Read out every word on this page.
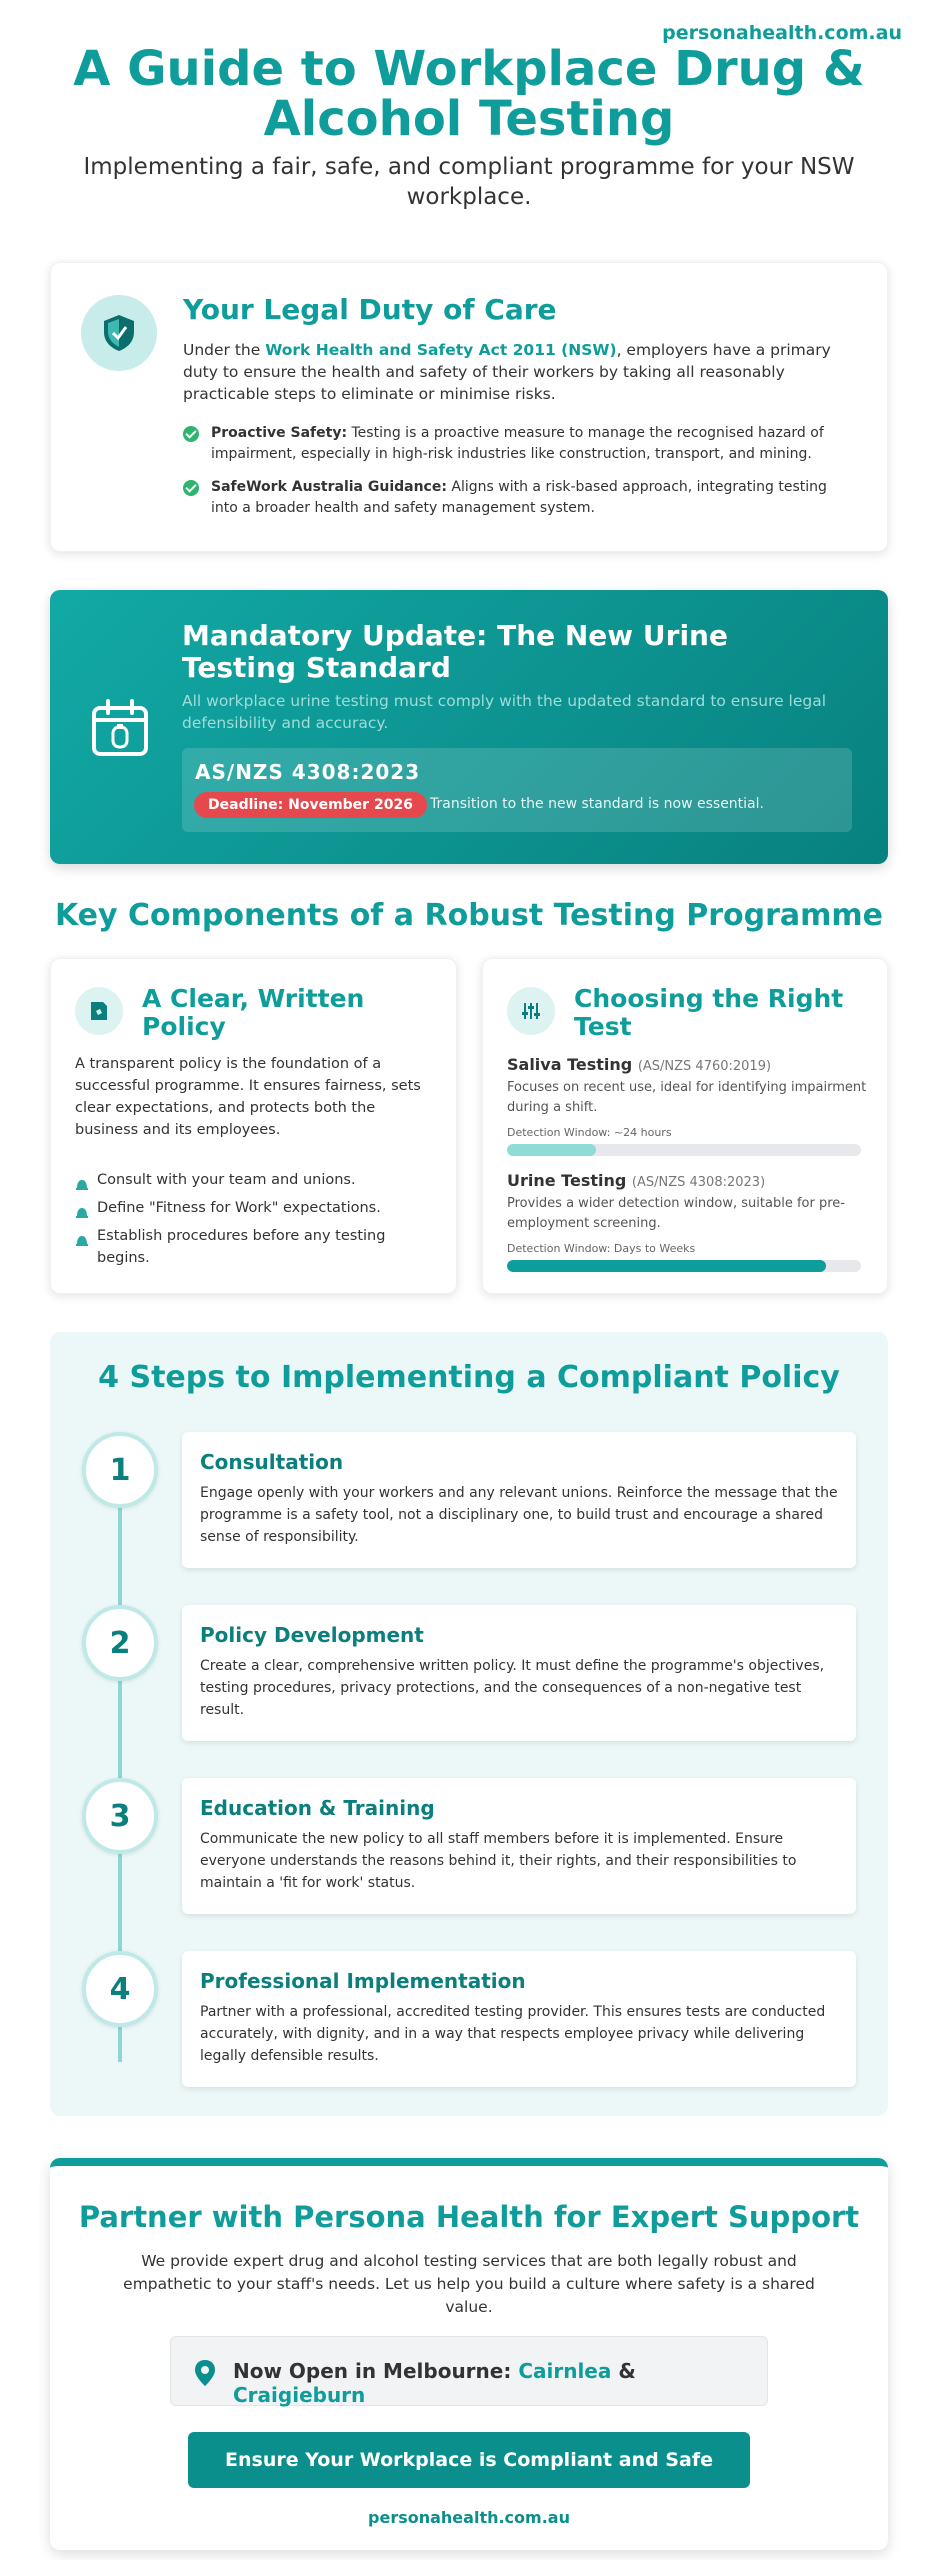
personahealth.com.au
A Guide to Workplace Drug & Alcohol Testing

Implementing a fair, safe, and compliant programme for your NSW workplace.

Your Legal Duty of Care

Under the Work Health and Safety Act 2011 (NSW), employers have a primary duty to ensure the health and safety of their workers by taking all reasonably practicable steps to eliminate or minimise risks.

Proactive Safety: Testing is a proactive measure to manage the recognised hazard of impairment, especially in high-risk industries like construction, transport, and mining.
SafeWork Australia Guidance: Aligns with a risk-based approach, integrating testing into a broader health and safety management system.
Mandatory Update: The New Urine Testing Standard

All workplace urine testing must comply with the updated standard to ensure legal defensibility and accuracy.

AS/NZS 4308:2023
Deadline: November 2026	Transition to the new standard is now essential.
Key Components of a Robust Testing Programme
A Clear, Written Policy

A transparent policy is the foundation of a successful programme. It ensures fairness, sets clear expectations, and protects both the business and its employees.

Consult with your team and unions.
Define "Fitness for Work" expectations.
Establish procedures before any testing begins.
Choosing the Right Test
Saliva Testing (AS/NZS 4760:2019)
Focuses on recent use, ideal for identifying impairment during a shift.
Detection Window: ~24 hours
Urine Testing (AS/NZS 4308:2023)
Provides a wider detection window, suitable for pre-employment screening.
Detection Window: Days to Weeks
4 Steps to Implementing a Compliant Policy
1	Consultation

Engage openly with your workers and any relevant unions. Reinforce the message that the programme is a safety tool, not a disciplinary one, to build trust and encourage a shared sense of responsibility.

2	Policy Development

Create a clear, comprehensive written policy. It must define the programme's objectives, testing procedures, privacy protections, and the consequences of a non-negative test result.

3	Education & Training

Communicate the new policy to all staff members before it is implemented. Ensure everyone understands the reasons behind it, their rights, and their responsibilities to maintain a 'fit for work' status.

4	Professional Implementation

Partner with a professional, accredited testing provider. This ensures tests are conducted accurately, with dignity, and in a way that respects employee privacy while delivering legally defensible results.

Partner with Persona Health for Expert Support

We provide expert drug and alcohol testing services that are both legally robust and empathetic to your staff's needs. Let us help you build a culture where safety is a shared value.

Now Open in Melbourne: Cairnlea & Craigieburn
Ensure Your Workplace is Compliant and Safe
personahealth.com.au
